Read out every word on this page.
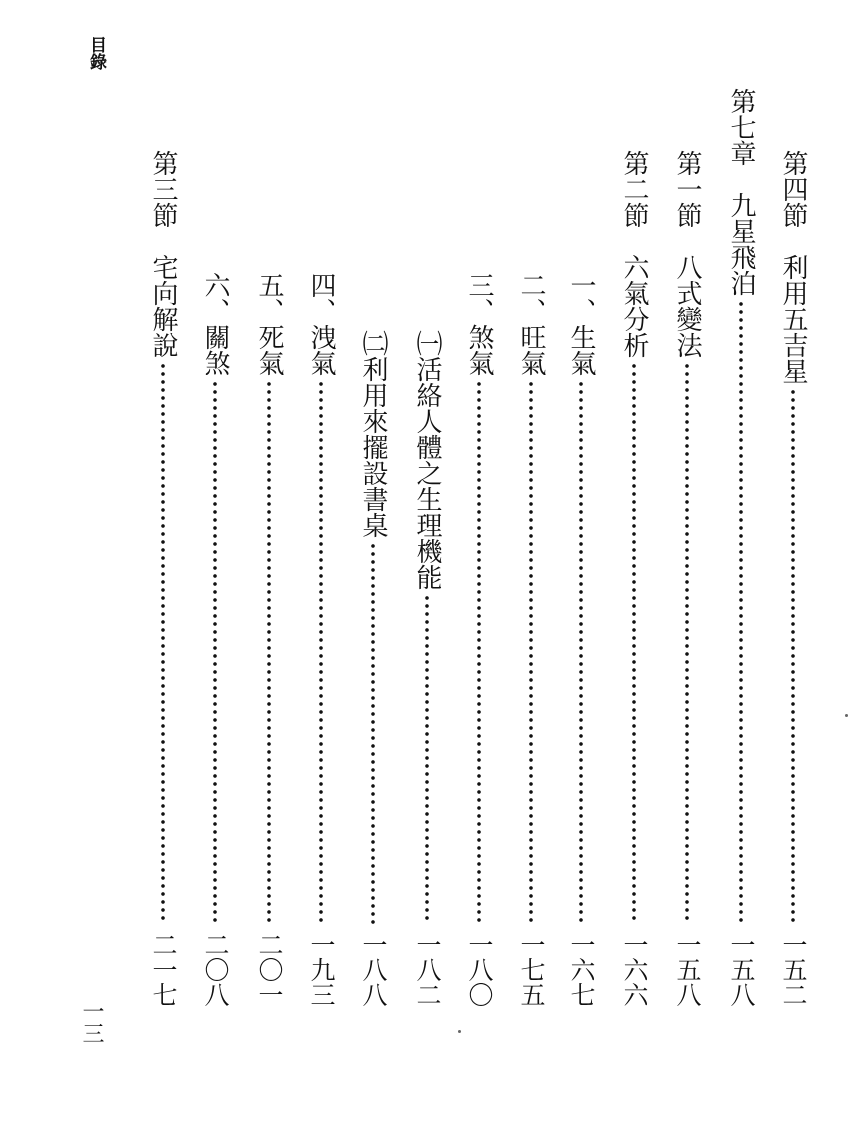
目錄
第四節　利用五吉星
一五二
第七章　九星飛泊
一五八
第一節　八式變法
一五八
第二節　六氣分析
一六六
一、生氣
一六七
二、旺氣
一七五
三、煞氣
一八〇
㈠活絡人體之生理機能
一八二
㈡利用來擺設書桌
一八八
四、洩氣
一九三
五、死氣
二〇一
六、關煞
二〇八
第三節　宅向解說
二一七
一三
